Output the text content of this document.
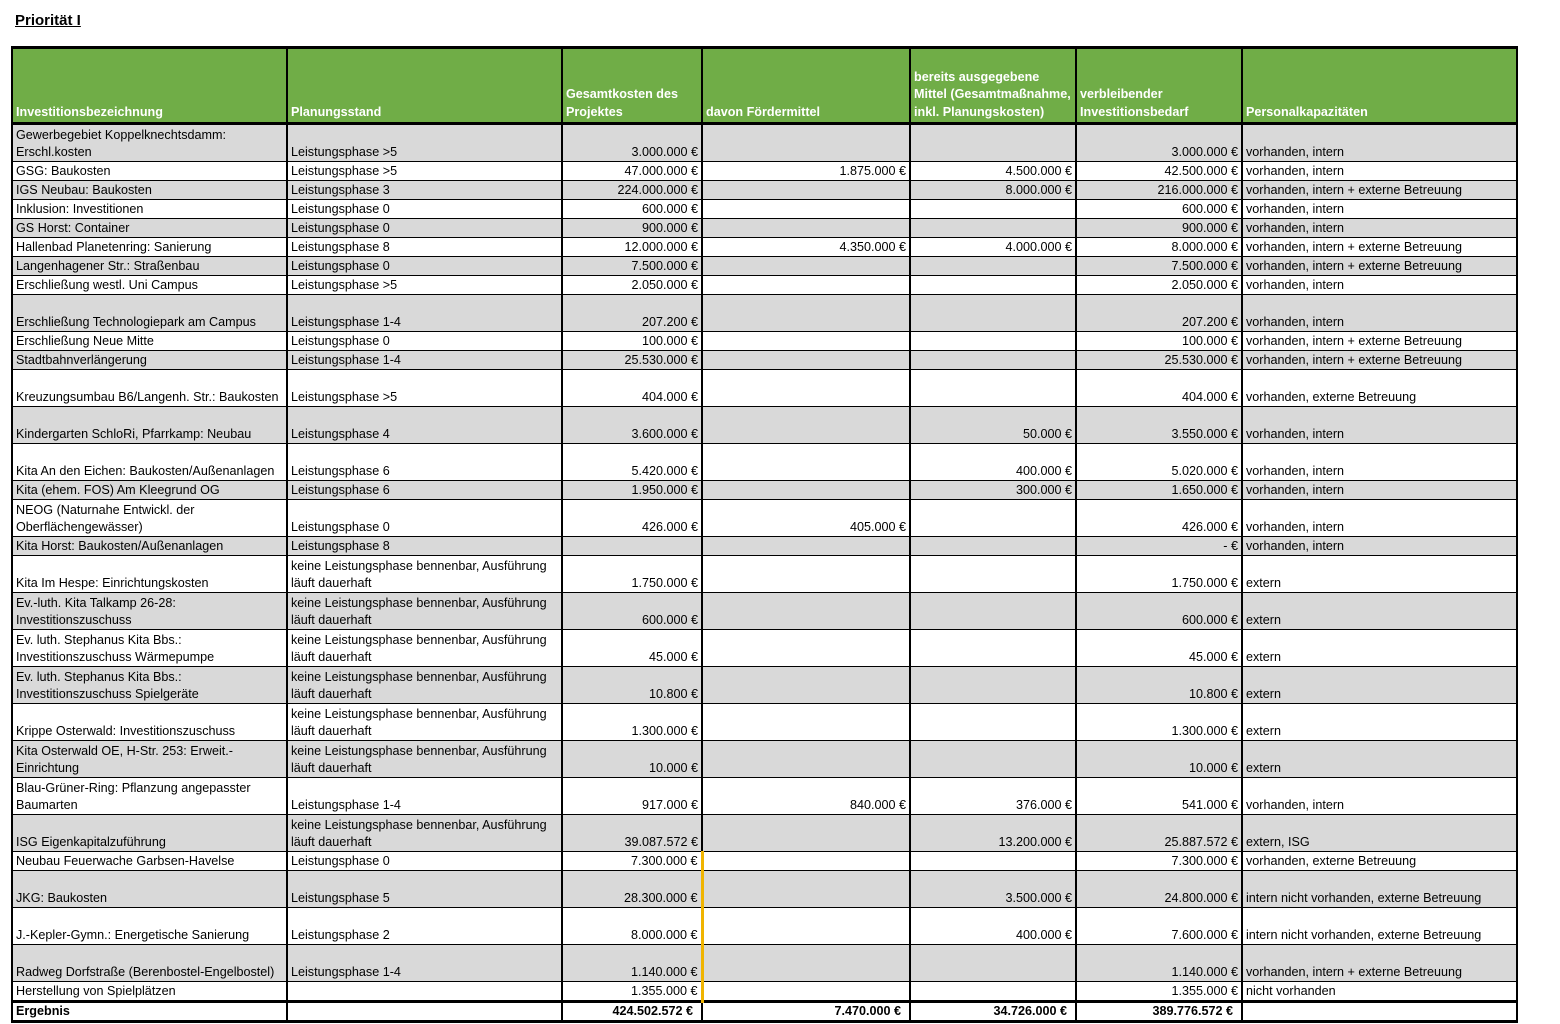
Priorität I
Investitionsbezeichnung	Planungsstand	Gesamtkosten des Projektes	davon Fördermittel	bereits ausgegebene Mittel (Gesamtmaßnahme, inkl. Planungskosten)	verbleibender Investitionsbedarf	Personalkapazitäten
Gewerbegebiet Koppelknechtsdamm: Erschl.kosten	Leistungsphase >5	3.000.000 €			3.000.000 €	vorhanden, intern
GSG: Baukosten	Leistungsphase >5	47.000.000 €	1.875.000 €	4.500.000 €	42.500.000 €	vorhanden, intern
IGS Neubau: Baukosten	Leistungsphase 3	224.000.000 €		8.000.000 €	216.000.000 €	vorhanden, intern + externe Betreuung
Inklusion: Investitionen	Leistungsphase 0	600.000 €			600.000 €	vorhanden, intern
GS Horst: Container	Leistungsphase 0	900.000 €			900.000 €	vorhanden, intern
Hallenbad Planetenring: Sanierung	Leistungsphase 8	12.000.000 €	4.350.000 €	4.000.000 €	8.000.000 €	vorhanden, intern + externe Betreuung
Langenhagener Str.: Straßenbau	Leistungsphase 0	7.500.000 €			7.500.000 €	vorhanden, intern + externe Betreuung
Erschließung westl. Uni Campus	Leistungsphase >5	2.050.000 €			2.050.000 €	vorhanden, intern
Erschließung Technologiepark am Campus	Leistungsphase 1-4	207.200 €			207.200 €	vorhanden, intern
Erschließung Neue Mitte	Leistungsphase 0	100.000 €			100.000 €	vorhanden, intern + externe Betreuung
Stadtbahnverlängerung	Leistungsphase 1-4	25.530.000 €			25.530.000 €	vorhanden, intern + externe Betreuung
Kreuzungsumbau B6/Langenh. Str.: Baukosten	Leistungsphase >5	404.000 €			404.000 €	vorhanden, externe Betreuung
Kindergarten SchloRi, Pfarrkamp: Neubau	Leistungsphase 4	3.600.000 €		50.000 €	3.550.000 €	vorhanden, intern
Kita An den Eichen: Baukosten/Außenanlagen	Leistungsphase 6	5.420.000 €		400.000 €	5.020.000 €	vorhanden, intern
Kita (ehem. FOS) Am Kleegrund OG	Leistungsphase 6	1.950.000 €		300.000 €	1.650.000 €	vorhanden, intern
NEOG (Naturnahe Entwickl. der Oberflächengewässer)	Leistungsphase 0	426.000 €	405.000 €		426.000 €	vorhanden, intern
Kita Horst: Baukosten/Außenanlagen	Leistungsphase 8				- €	vorhanden, intern
Kita Im Hespe: Einrichtungskosten	keine Leistungsphase bennenbar, Ausführung läuft dauerhaft	1.750.000 €			1.750.000 €	extern
Ev.-luth. Kita Talkamp 26-28: Investitionszuschuss	keine Leistungsphase bennenbar, Ausführung läuft dauerhaft	600.000 €			600.000 €	extern
Ev. luth. Stephanus Kita Bbs.: Investitionszuschuss Wärmepumpe	keine Leistungsphase bennenbar, Ausführung läuft dauerhaft	45.000 €			45.000 €	extern
Ev. luth. Stephanus Kita Bbs.: Investitionszuschuss Spielgeräte	keine Leistungsphase bennenbar, Ausführung läuft dauerhaft	10.800 €			10.800 €	extern
Krippe Osterwald: Investitionszuschuss	keine Leistungsphase bennenbar, Ausführung läuft dauerhaft	1.300.000 €			1.300.000 €	extern
Kita Osterwald OE, H-Str. 253: Erweit.-Einrichtung	keine Leistungsphase bennenbar, Ausführung läuft dauerhaft	10.000 €			10.000 €	extern
Blau-Grüner-Ring: Pflanzung angepasster Baumarten	Leistungsphase 1-4	917.000 €	840.000 €	376.000 €	541.000 €	vorhanden, intern
ISG Eigenkapitalzuführung	keine Leistungsphase bennenbar, Ausführung läuft dauerhaft	39.087.572 €		13.200.000 €	25.887.572 €	extern, ISG
Neubau Feuerwache Garbsen-Havelse	Leistungsphase 0	7.300.000 €			7.300.000 €	vorhanden, externe Betreuung
JKG: Baukosten	Leistungsphase 5	28.300.000 €		3.500.000 €	24.800.000 €	intern nicht vorhanden, externe Betreuung
J.-Kepler-Gymn.: Energetische Sanierung	Leistungsphase 2	8.000.000 €		400.000 €	7.600.000 €	intern nicht vorhanden, externe Betreuung
Radweg Dorfstraße (Berenbostel-Engelbostel)	Leistungsphase 1-4	1.140.000 €			1.140.000 €	vorhanden, intern + externe Betreuung
Herstellung von Spielplätzen		1.355.000 €			1.355.000 €	nicht vorhanden
Ergebnis		424.502.572 €	7.470.000 €	34.726.000 €	389.776.572 €	
